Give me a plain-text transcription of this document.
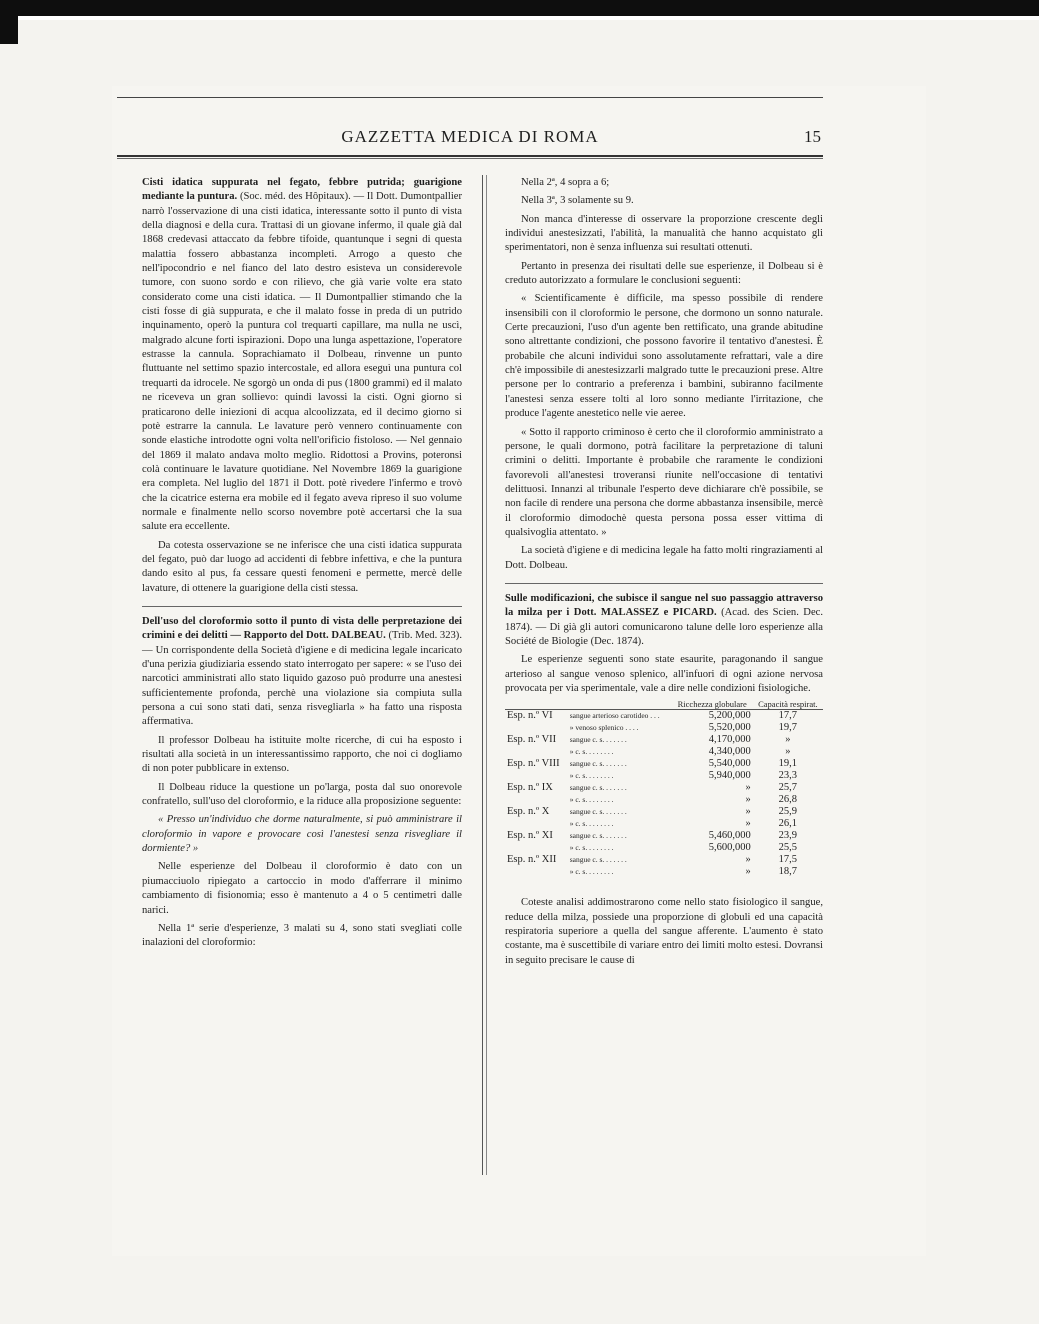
GAZZETTA MEDICA DI ROMA	15

Cisti idatica suppurata nel fegato, febbre putrida; guarigione mediante la puntura. (Soc. méd. des Hôpitaux). — Il Dott. Dumontpallier narrò l'osservazione di una cisti idatica, interessante sotto il punto di vista della diagnosi e della cura. Trattasi di un giovane infermo, il quale già dal 1868 credevasi attaccato da febbre tifoide, quantunque i segni di questa malattia fossero abbastanza incompleti. Arrogo a questo che nell'ipocondrio e nel fianco del lato destro esisteva un considerevole tumore, con suono sordo e con rilievo, che già varie volte era stato considerato come una cisti idatica. — Il Dumontpallier stimando che la cisti fosse di già suppurata, e che il malato fosse in preda di un putrido inquinamento, operò la puntura col trequarti capillare, ma nulla ne uscì, malgrado alcune forti ispirazioni. Dopo una lunga aspettazione, l'operatore estrasse la cannula. Soprachiamato il Dolbeau, rinvenne un punto fluttuante nel settimo spazio intercostale, ed allora eseguì una puntura col trequarti da idrocele. Ne sgorgò un onda di pus (1800 grammi) ed il malato ne riceveva un gran sollievo: quindi lavossi la cisti. Ogni giorno si praticarono delle iniezioni di acqua alcoolizzata, ed il decimo giorno si potè estrarre la cannula. Le lavature però vennero continuamente con sonde elastiche introdotte ogni volta nell'orificio fistoloso. — Nel gennaio del 1869 il malato andava molto meglio. Ridottosi a Provins, poteronsi colà continuare le lavature quotidiane. Nel Novembre 1869 la guarigione era completa. Nel luglio del 1871 il Dott. potè rivedere l'infermo e trovò che la cicatrice esterna era mobile ed il fegato aveva ripreso il suo volume normale e finalmente nello scorso novembre potè accertarsi che la sua salute era eccellente.

Da cotesta osservazione se ne inferisce che una cisti idatica suppurata del fegato, può dar luogo ad accidenti di febbre infettiva, e che la puntura dando esito al pus, fa cessare questi fenomeni e permette, mercè delle lavature, di ottenere la guarigione della cisti stessa.

Dell'uso del cloroformio sotto il punto di vista delle perpretazione dei crimini e dei delitti — Rapporto del Dott. DALBEAU. (Trib. Med. 323). — Un corrispondente della Società d'igiene e di medicina legale incaricato d'una perizia giudiziaria essendo stato interrogato per sapere: « se l'uso dei narcotici amministrati allo stato liquido gazoso può produrre una anestesi sufficientemente profonda, perchè una violazione sia compiuta sulla persona a cui sono stati dati, senza risvegliarla » ha fatto una risposta affermativa.

Il professor Dolbeau ha istituite molte ricerche, di cui ha esposto i risultati alla società in un interessantissimo rapporto, che noi ci dogliamo di non poter pubblicare in extenso.

Il Dolbeau riduce la questione un po'larga, posta dal suo onorevole confratello, sull'uso del cloroformio, e la riduce alla proposizione seguente:

« Presso un'individuo che dorme naturalmente, si può amministrare il cloroformio in vapore e provocare così l'anestesi senza risvegliare il dormiente? »

Nelle esperienze del Dolbeau il cloroformio è dato con un piumacciuolo ripiegato a cartoccio in modo d'afferrare il minimo cambiamento di fisionomia; esso è mantenuto a 4 o 5 centimetri dalle narici.

Nella 1ª serie d'esperienze, 3 malati su 4, sono stati svegliati colle inalazioni del cloroformio:

Nella 2ª, 4 sopra a 6;

Nella 3ª, 3 solamente su 9.

Non manca d'interesse di osservare la proporzione crescente degli individui anestesizzati, l'abilità, la manualità che hanno acquistato gli sperimentatori, non è senza influenza sui resultati ottenuti.

Pertanto in presenza dei risultati delle sue esperienze, il Dolbeau si è creduto autorizzato a formulare le conclusioni seguenti:

« Scientificamente è difficile, ma spesso possibile di rendere insensibili con il cloroformio le persone, che dormono un sonno naturale. Certe precauzioni, l'uso d'un agente ben rettificato, una grande abitudine sono altrettante condizioni, che possono favorire il tentativo d'anestesi. È probabile che alcuni individui sono assolutamente refrattari, vale a dire ch'è impossibile di anestesizzarli malgrado tutte le precauzioni prese. Altre persone per lo contrario a preferenza i bambini, subiranno facilmente l'anestesi senza essere tolti al loro sonno mediante l'irritazione, che produce l'agente anestetico nelle vie aeree.

« Sotto il rapporto criminoso è certo che il cloroformio amministrato a persone, le quali dormono, potrà facilitare la perpretazione di taluni crimini o delitti. Importante è probabile che raramente le condizioni favorevoli all'anestesi troveransi riunite nell'occasione di tentativi delittuosi. Innanzi al tribunale l'esperto deve dichiarare ch'è possibile, se non facile di rendere una persona che dorme abbastanza insensibile, mercè il cloroformio dimodochè questa persona possa esser vittima di qualsivoglia attentato. »

La società d'igiene e di medicina legale ha fatto molti ringraziamenti al Dott. Dolbeau.

Sulle modificazioni, che subisce il sangue nel suo passaggio attraverso la milza per i Dott. MALASSEZ e PICARD. (Acad. des Scien. Dec. 1874). — Di già gli autori comunicarono talune delle loro esperienze alla Société de Biologie (Dec. 1874).

Le esperienze seguenti sono state esaurite, paragonando il sangue arterioso al sangue venoso splenico, all'infuori di ogni azione nervosa provocata per via sperimentale, vale a dire nelle condizioni fisiologiche.

		Ricchezza globulare	Capacità respirat.
Esp. n.º VI	sangue arterioso carotideo . . .	5,200,000	17,7
	» venoso splenico . . . .	5,520,000	19,7
Esp. n.º VII	sangue c. s. . . . . . .	4,170,000	»
	» c. s. . . . . . . .	4,340,000	»
Esp. n.º VIII	sangue c. s. . . . . . .	5,540,000	19,1
	» c. s. . . . . . . .	5,940,000	23,3
Esp. n.º IX	sangue c. s. . . . . . .	»	25,7
	» c. s. . . . . . . .	»	26,8
Esp. n.º X	sangue c. s. . . . . . .	»	25,9
	» c. s. . . . . . . .	»	26,1
Esp. n.º XI	sangue c. s. . . . . . .	5,460,000	23,9
	» c. s. . . . . . . .	5,600,000	25,5
Esp. n.º XII	sangue c. s. . . . . . .	»	17,5
	» c. s. . . . . . . .	»	18,7

Coteste analisi addimostrarono come nello stato fisiologico il sangue, reduce della milza, possiede una proporzione di globuli ed una capacità respiratoria superiore a quella del sangue afferente. L'aumento è stato costante, ma è suscettibile di variare entro dei limiti molto estesi. Dovransi in seguito precisare le cause di
